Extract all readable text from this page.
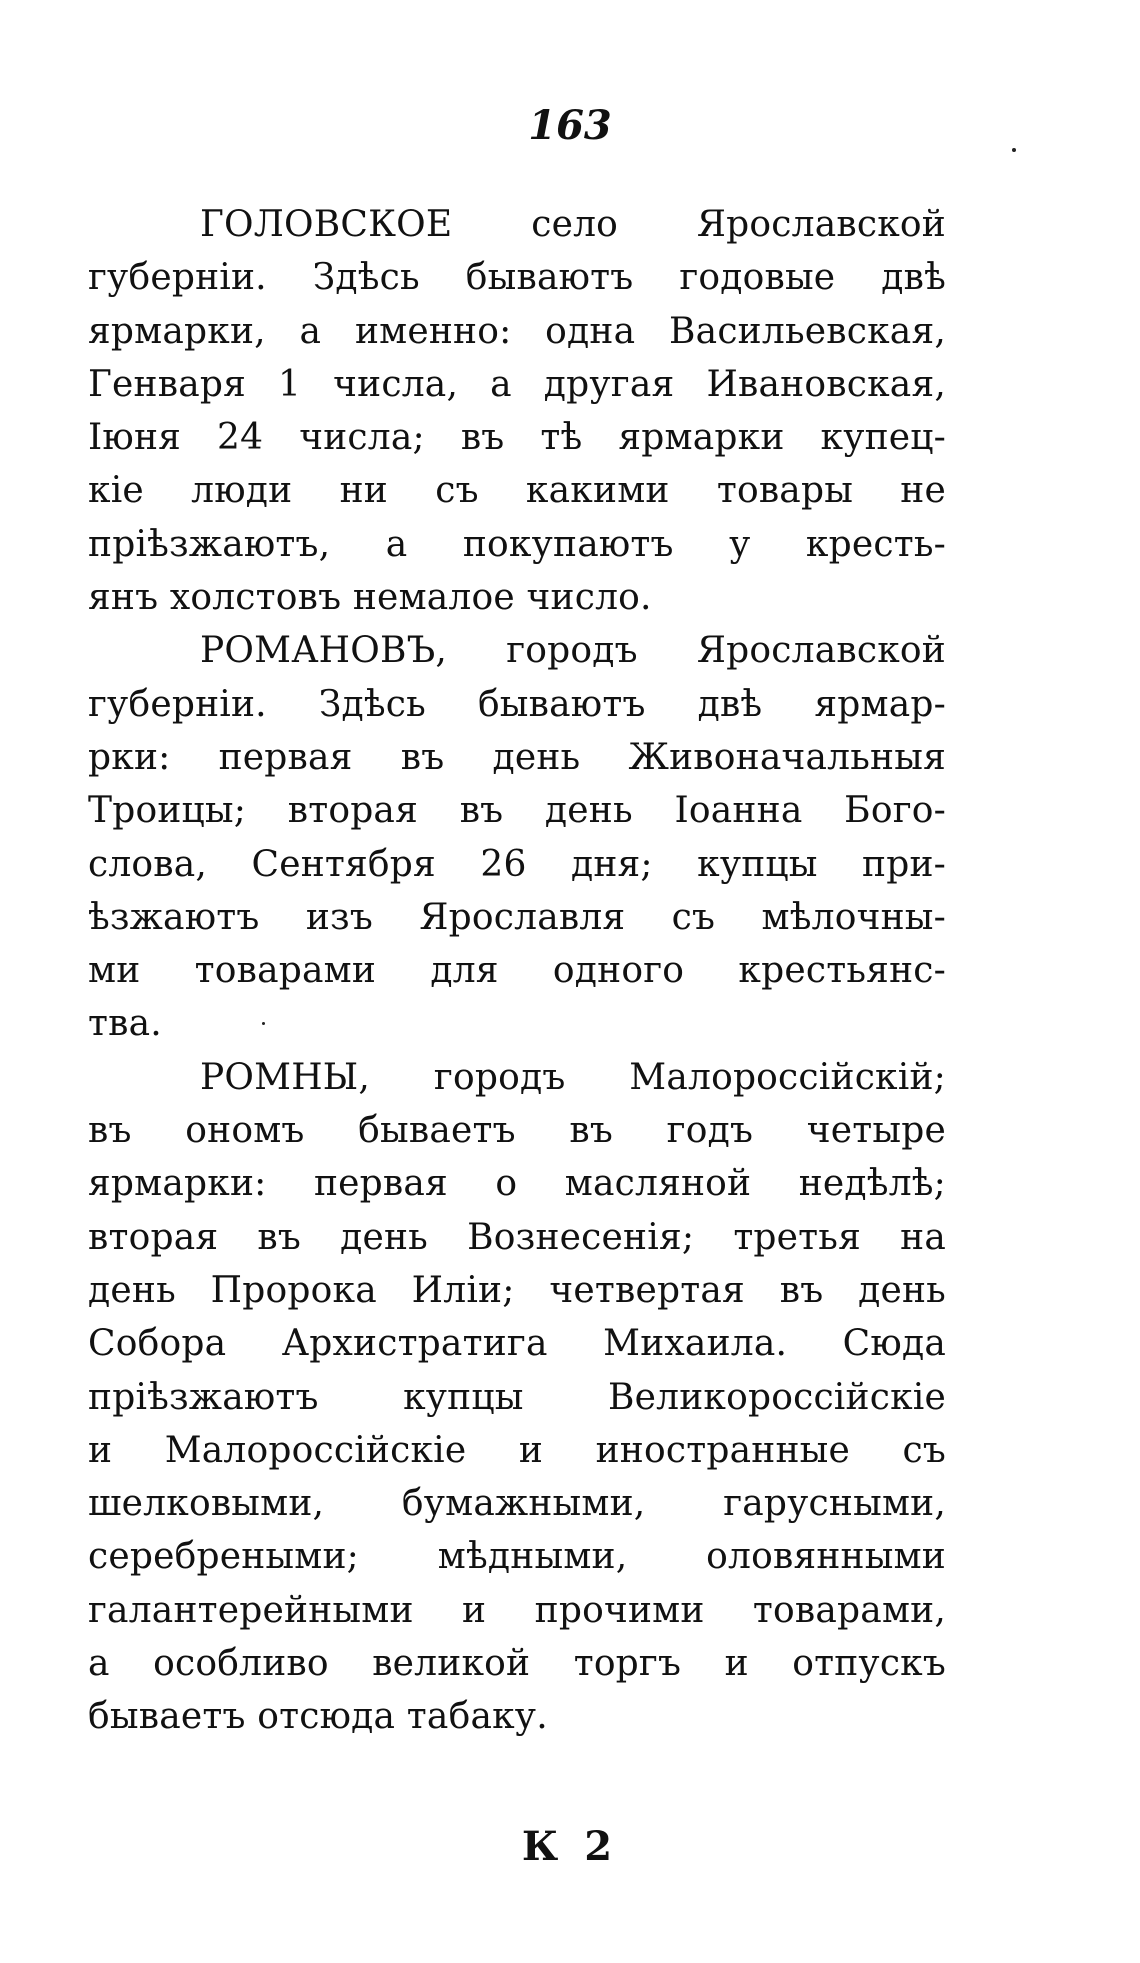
163
ГОЛОВСКОЕ село Ярославской
губерніи. Здѣсь бываютъ годовые двѣ
ярмарки, а именно: одна Васильевская,
Генваря 1 числа, а другая Ивановская,
Іюня 24 числа; въ тѣ ярмарки купец-
кіе люди ни съ какими товары не
пріѣзжаютъ, а покупаютъ у кресть-
янъ холстовъ немалое число.
РОМАНОВЪ, городъ Ярославской
губерніи. Здѣсь бываютъ двѣ ярмар-
рки: первая въ день Живоначальныя
Троицы; вторая въ день Іоанна Бого-
слова, Сентября 26 дня; купцы при-
ѣзжаютъ изъ Ярославля съ мѣлочны-
ми товарами для одного крестьянс-
тва.
РОМНЫ, городъ Малороссійскій;
въ ономъ бываетъ въ годъ четыре
ярмарки: первая о масляной недѣлѣ;
вторая въ день Вознесенія; третья на
день Пророка Иліи; четвертая въ день
Собора Архистратига Михаила. Сюда
пріѣзжаютъ купцы Великороссійскіе
и Малороссійскіе и иностранные съ
шелковыми, бумажными, гарусными,
серебреными; мѣдными, оловянными
галантерейными и прочими товарами,
а особливо великой торгъ и отпускъ
бываетъ отсюда табаку.
К 2
